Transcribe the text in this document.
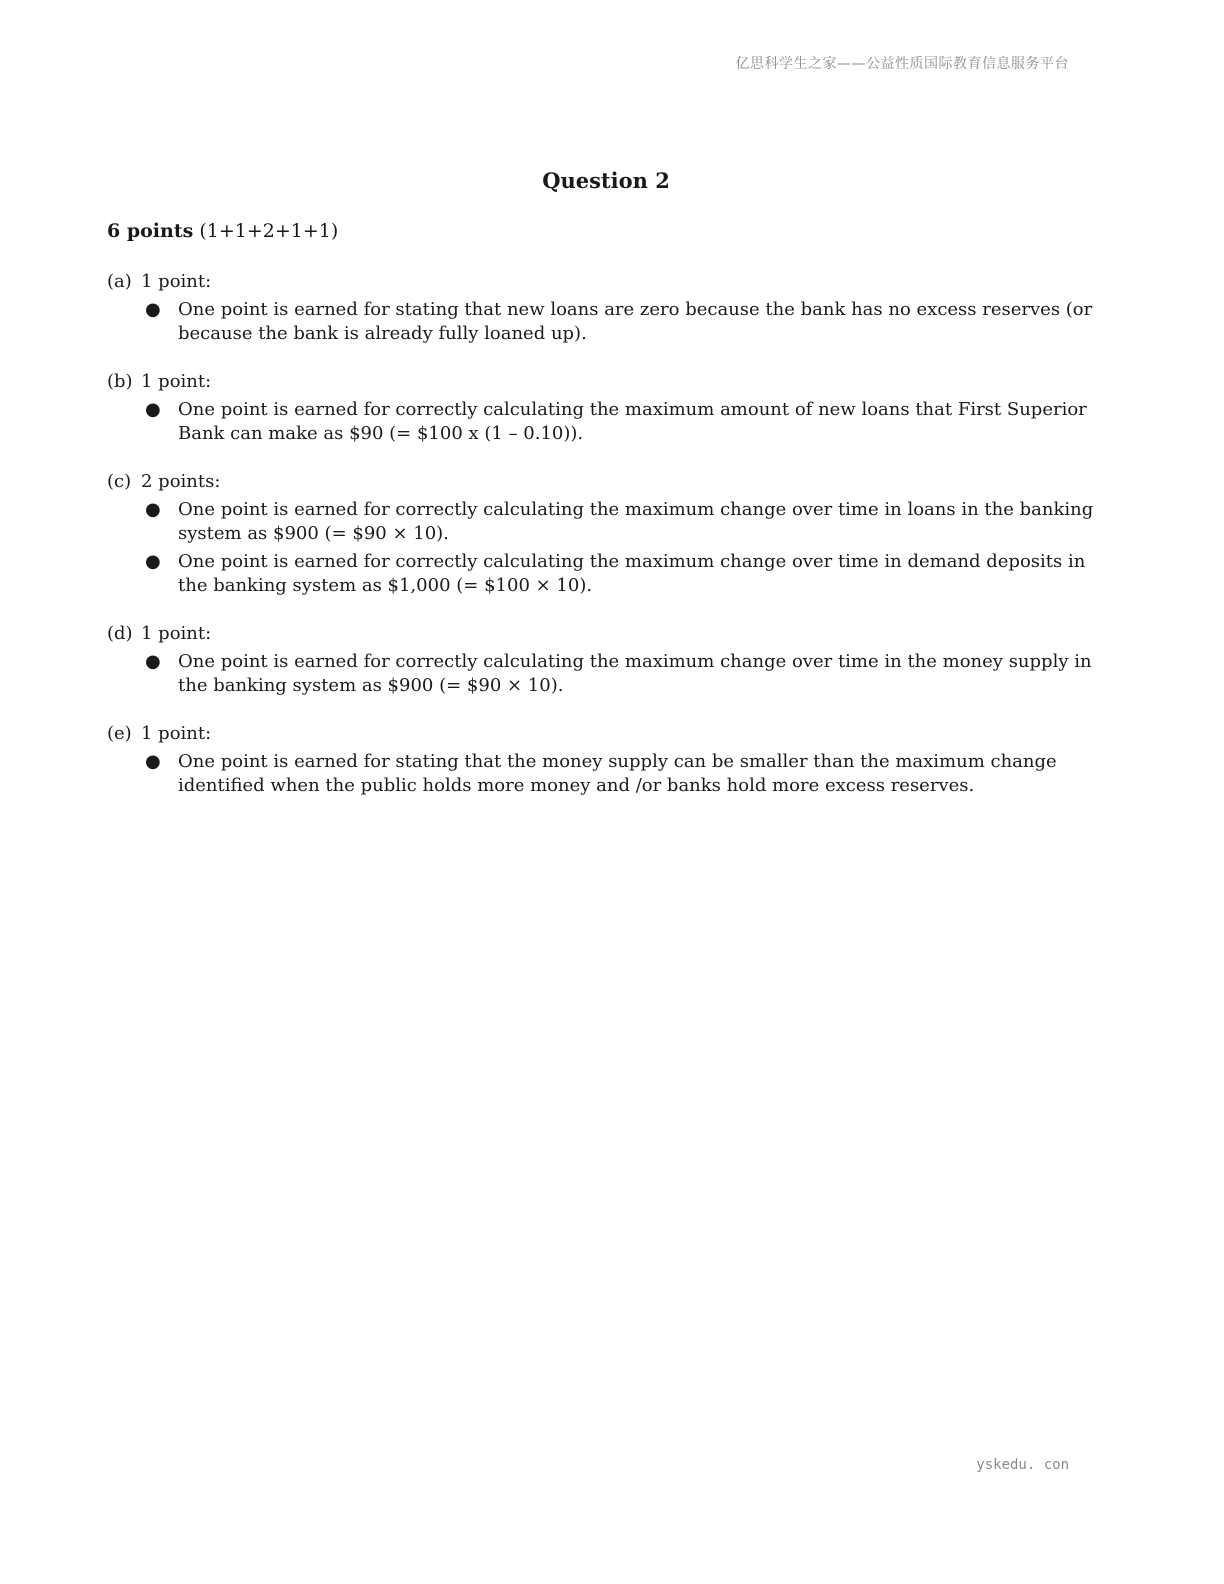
亿思科学生之家——公益性质国际教育信息服务平台
Question 2
6 points (1+1+2+1+1)
(a) 1 point:
● One point is earned for stating that new loans are zero because the bank has no excess reserves (or because the bank is already fully loaned up).
(b) 1 point:
● One point is earned for correctly calculating the maximum amount of new loans that First Superior Bank can make as $90 (= $100 x (1 – 0.10)).
(c) 2 points:
● One point is earned for correctly calculating the maximum change over time in loans in the banking system as $900 (= $90 × 10).
● One point is earned for correctly calculating the maximum change over time in demand deposits in the banking system as $1,000 (= $100 × 10).
(d) 1 point:
● One point is earned for correctly calculating the maximum change over time in the money supply in the banking system as $900 (= $90 × 10).
(e) 1 point:
● One point is earned for stating that the money supply can be smaller than the maximum change identified when the public holds more money and /or banks hold more excess reserves.
yskedu. con
